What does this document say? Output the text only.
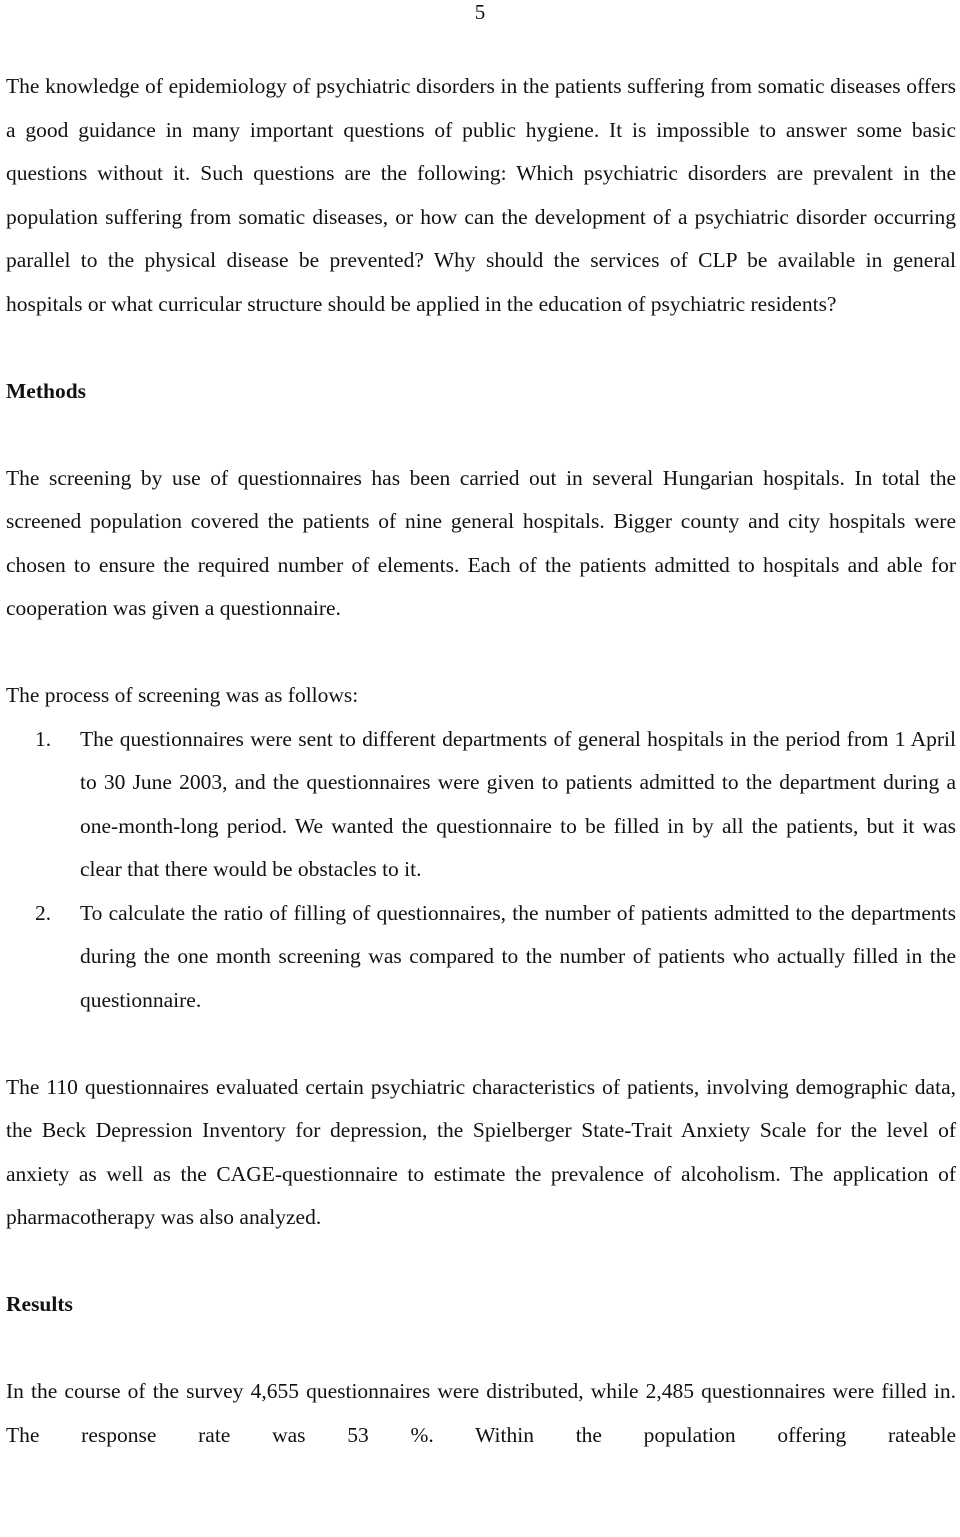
5

The knowledge of epidemiology of psychiatric disorders in the patients suffering from somatic diseases offers a good guidance in many important questions of public hygiene. It is impossible to answer some basic questions without it. Such questions are the following: Which psychiatric disorders are prevalent in the population suffering from somatic diseases, or how can the development of a psychiatric disorder occurring parallel to the physical disease be prevented? Why should the services of CLP be available in general hospitals or what curricular structure should be applied in the education of psychiatric residents?

Methods

The screening by use of questionnaires has been carried out in several Hungarian hospitals. In total the screened population covered the patients of nine general hospitals. Bigger county and city hospitals were chosen to ensure the required number of elements. Each of the patients admitted to hospitals and able for cooperation was given a questionnaire.

The process of screening was as follows:

1. The questionnaires were sent to different departments of general hospitals in the period from 1 April to 30 June 2003, and the questionnaires were given to patients admitted to the department during a one-month-long period. We wanted the questionnaire to be filled in by all the patients, but it was clear that there would be obstacles to it.
2. To calculate the ratio of filling of questionnaires, the number of patients admitted to the departments during the one month screening was compared to the number of patients who actually filled in the questionnaire.

The 110 questionnaires evaluated certain psychiatric characteristics of patients, involving demographic data, the Beck Depression Inventory for depression, the Spielberger State-Trait Anxiety Scale for the level of anxiety as well as the CAGE-questionnaire to estimate the prevalence of alcoholism. The application of pharmacotherapy was also analyzed.

Results

In the course of the survey 4,655 questionnaires were distributed, while 2,485 questionnaires were filled in. The response rate was 53 %. Within the population offering rateable
